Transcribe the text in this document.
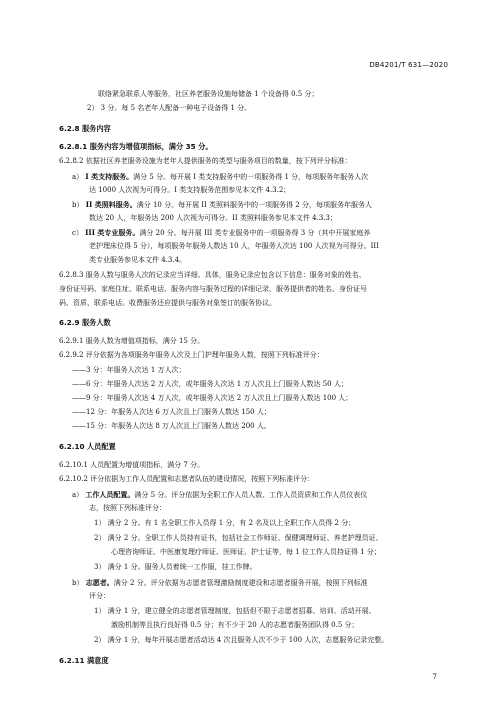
DB4201/T 631—2020
联络紧急联系人等服务，社区养老服务设施每储备 1 个设备得 0.5 分；
2） 3 分。每 5 名老年人配备一种电子设备得 1 分。
6.2.8 服务内容
6.2.8.1 服务内容为增值项指标，满分 35 分。
6.2.8.2 依据社区养老服务设施为老年人提供服务的类型与服务项目的数量，按下列评分标准：
a） I 类支持服务。满分 5 分。每开展 I 类支持服务中的一项服务得 1 分，每项服务年服务人次
达 1000 人次视为可得分。I 类支持服务范围参见本文件 4.3.2；
b） II 类照料服务。满分 10 分。每开展 II 类照料服务中的一项服务得 2 分，每项服务年服务人
数达 20 人，年服务达 200 人次视为可得分。II 类照料服务参见本文件 4.3.3；
c） III 类专业服务。满分 20 分。每开展 III 类专业服务中的一项服务得 3 分（其中开展家庭养
老护理床位得 5 分），每项服务年服务人数达 10 人，年服务人次达 100 人次视为可得分。III
类专业服务参见本文件 4.3.4。
6.2.8.3 服务人数与服务人次的记录应当详细、具体，服务记录应包含以下信息：服务对象的姓名、
身份证号码、家庭住址、联系电话、服务内容与服务过程的详细记录、服务提供者的姓名、身份证号
码、资质、联系电话。收费服务还应提供与服务对象签订的服务协议。
6.2.9 服务人数
6.2.9.1 服务人数为增值项指标，满分 15 分。
6.2.9.2 评分依据为各项服务年服务人次及上门护理年服务人数，按照下列标准评分：
——3 分：年服务人次达 1 万人次；
——6 分：年服务人次达 2 万人次，或年服务人次达 1 万人次且上门服务人数达 50 人；
——9 分：年服务人次达 4 万人次，或年服务人次达 2 万人次且上门服务人数达 100 人；
——12 分：年服务人次达 6 万人次且上门服务人数达 150 人；
——15 分：年服务人次达 8 万人次且上门服务人数达 200 人。
6.2.10 人员配置
6.2.10.1 人员配置为增值项指标，满分 7 分。
6.2.10.2 评分依据为工作人员配置和志愿者队伍的建设情况，按照下列标准评分：
a） 工作人员配置。满分 5 分。评分依据为全职工作人员人数、工作人员资质和工作人员仪表仪
志，按照下列标准评分：
1） 满分 2 分。有 1 名全职工作人员得 1 分，有 2 名及以上全职工作人员得 2 分；
2） 满分 2 分。全职工作人员持有证书，包括社会工作师证、保健调理师证、养老护理员证、
心理咨询师证、中医康复理疗师证、医师证、护士证等，每 1 位工作人员持证得 1 分；
3） 满分 1 分。服务人员着统一工作服，挂工作牌。
b） 志愿者。满分 2 分。评分依据为志愿者管理激励制度建设和志愿者服务开展，按照下列标准
评分：
1） 满分 1 分，建立健全的志愿者管理制度，包括但不限于志愿者招募、培训、活动开展、
激励机制等且执行良好得 0.5 分；有不少于 20 人的志愿者服务团队得 0.5 分；
2） 满分 1 分，每年开展志愿者活动达 4 次且服务人次不少于 100 人次，志愿服务记录完整。
6.2.11 满意度
7
